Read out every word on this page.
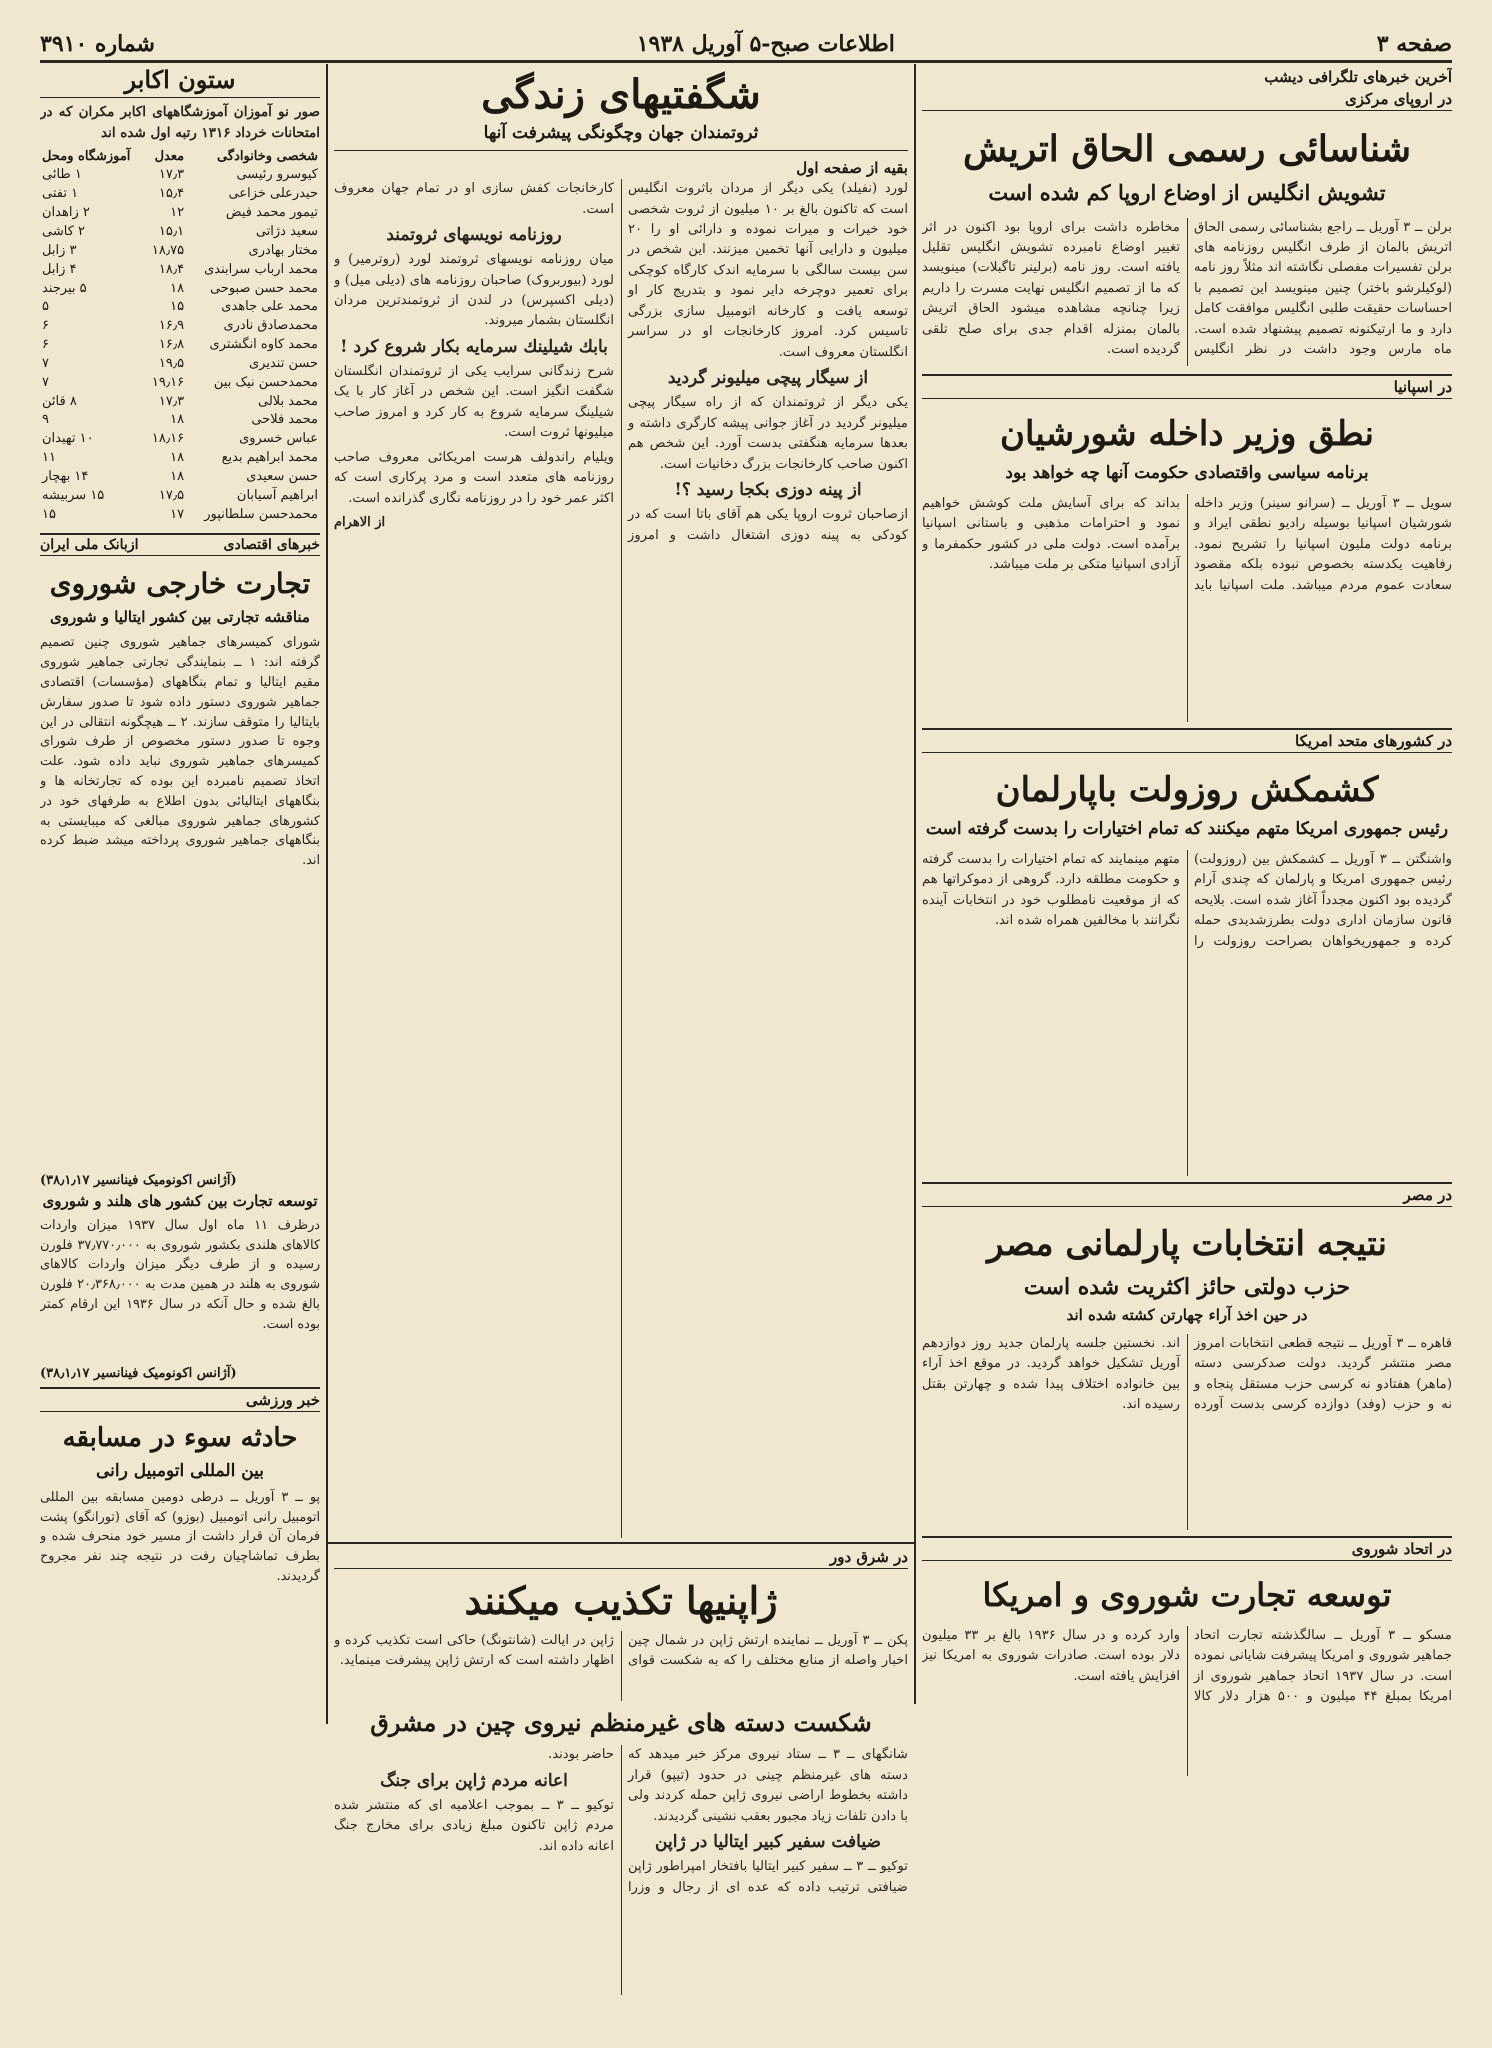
صفحه ۳
اطلاعات صبح-۵ آوریل ۱۹۳۸
شماره ۳۹۱۰
آخرین خبرهای تلگرافی دیشب
در اروپای مرکزی
شناسائی رسمی الحاق اتریش
تشویش انگلیس از اوضاع اروپا کم شده است
برلن ــ ۳ آوریل ــ راجع بشناسائی رسمی الحاق اتریش بالمان از طرف انگلیس روزنامه های برلن تفسیرات مفصلی نگاشته اند مثلاً روز نامه (لوکیلرشو باختر) چنین مینویسد این تصمیم با احساسات حقیقت طلبی انگلیس موافقت کامل دارد و ما ارتیکنونه تصمیم پیشنهاد شده است. ماه مارس وجود داشت در نظر انگلیس مخاطره داشت برای اروپا بود اکنون در اثر تغییر اوضاع نامبرده تشویش انگلیس تقلیل یافته است. روز نامه (برلینر تاگبلات) مینویسد که ما از تصمیم انگلیس نهایت مسرت را داریم زیرا چنانچه مشاهده میشود الحاق اتریش بالمان بمنزله اقدام جدی برای صلح تلقی گردیده است.
در اسپانیا
نطق وزیر داخله شورشیان
برنامه سیاسی واقتصادی حکومت آنها چه خواهد بود
سویل ــ ۳ آوریل ــ (سرانو سینر) وزیر داخله شورشیان اسپانیا بوسیله رادیو نطقی ایراد و برنامه دولت ملیون اسپانیا را تشریح نمود. رفاهیت یکدسته بخصوص نبوده بلکه مقصود سعادت عموم مردم میباشد. ملت اسپانیا باید بداند که برای آسایش ملت کوشش خواهیم نمود و احترامات مذهبی و باستانی اسپانیا برآمده است. دولت ملی در کشور حکمفرما و آزادی اسپانیا متکی بر ملت میباشد.
در کشورهای متحد امریکا
کشمکش روزولت باپارلمان
رئیس جمهوری امریکا متهم میکنند که تمام اختیارات را بدست گرفته است
واشنگتن ــ ۳ آوریل ــ کشمکش بین (روزولت) رئیس جمهوری امریکا و پارلمان که چندی آرام گردیده بود اکنون مجدداً آغاز شده است. بلایحه قانون سازمان اداری دولت بطرزشدیدی حمله کرده و جمهوریخواهان بصراحت روزولت را متهم مینمایند که تمام اختیارات را بدست گرفته و حکومت مطلقه دارد. گروهی از دموکراتها هم که از موقعیت نامطلوب خود در انتخابات آینده نگرانند با مخالفین همراه شده اند.
در مصر
نتیجه انتخابات پارلمانی مصر
حزب دولتی حائز اکثریت شده است
در حین اخذ آراء چهارتن کشته شده اند
قاهره ــ ۳ آوریل ــ نتیجه قطعی انتخابات امروز مصر منتشر گردید. دولت صدکرسی دسته (ماهر) هفتادو نه کرسی حزب مستقل پنجاه و نه و حزب (وفد) دوازده کرسی بدست آورده اند. نخستین جلسه پارلمان جدید روز دوازدهم آوریل تشکیل خواهد گردید. در موقع اخذ آراء بین خانواده اختلاف پیدا شده و چهارتن بقتل رسیده اند.
در اتحاد شوروی
توسعه تجارت شوروی و امریکا
مسکو ــ ۳ آوریل ــ سالگذشته تجارت اتحاد جماهیر شوروی و امریکا پیشرفت شایانی نموده است. در سال ۱۹۳۷ اتحاد جماهیر شوروی از امریکا بمبلغ ۴۴ میلیون و ۵۰۰ هزار دلار کالا وارد کرده و در سال ۱۹۳۶ بالغ بر ۳۳ میلیون دلار بوده است. صادرات شوروی به امریکا نیز افزایش یافته است.
شگفتیهای زندگی
ثروتمندان جهان وچگونگی پیشرفت آنها
بقیه از صفحه اول

لورد (نفیلد) یکی دیگر از مردان باثروت انگلیس است که تاکنون بالغ بر ۱۰ میلیون از ثروت شخصی خود خیرات و میرات نموده و دارائی او را ۲۰ میلیون و دارایی آنها تخمین میزنند. این شخص در سن بیست سالگی با سرمایه اندک کارگاه کوچکی برای تعمیر دوچرخه دایر نمود و بتدریج کار او توسعه یافت و کارخانه اتومبیل سازی بزرگی تاسیس کرد. امروز کارخانجات او در سراسر انگلستان معروف است.

از سیگار پیچی میلیونر گردید

یکی دیگر از ثروتمندان که از راه سیگار پیچی میلیونر گردید در آغاز جوانی پیشه کارگری داشته و بعدها سرمایه هنگفتی بدست آورد. این شخص هم اکنون صاحب کارخانجات بزرگ دخانیات است.

از پینه دوزی بکجا رسید ؟!

ازصاحبان ثروت اروپا یکی هم آقای باتا است که در کودکی به پینه دوزی اشتغال داشت و امروز کارخانجات کفش سازی او در تمام جهان معروف است.

روزنامه نویسهای ثروتمند

میان روزنامه نویسهای ثروتمند لورد (روترمیر) و لورد (بیوربروک) صاحبان روزنامه های (دیلی میل) و (دیلی اکسپرس) در لندن از ثروتمندترین مردان انگلستان بشمار میروند.

بابك شیلینك سرمایه بكار شروع كرد !

شرح زندگانی سرایب یکی از ثروتمندان انگلستان شگفت انگیز است. این شخص در آغاز کار با یک شیلینگ سرمایه شروع به کار کرد و امروز صاحب میلیونها ثروت است.

ویلیام راندولف هرست امریکائی معروف صاحب روزنامه های متعدد است و مرد پرکاری است که اکثر عمر خود را در روزنامه نگاری گذرانده است.

از الاهرام

در شرق دور
ژاپنیها تکذیب میکنند
پکن ــ ۳ آوریل ــ نماینده ارتش ژاپن در شمال چین اخبار واصله از منابع مختلف را که به شکست قوای ژاپن در ایالت (شانتونگ) حاکی است تکذیب کرده و اظهار داشته است که ارتش ژاپن پیشرفت مینماید.
شکست دسته های غیرمنظم نیروی چین در مشرق

شانگهای ــ ۳ ــ ستاد نیروی مرکز خبر میدهد که دسته های غیرمنظم چینی در حدود (تیپو) قرار داشته بخطوط اراضی نیروی ژاپن حمله کردند ولی با دادن تلفات زیاد مجبور بعقب نشینی گردیدند.

ضیافت سفیر کبیر ایتالیا در ژاپن

توکیو ــ ۳ ــ سفیر کبیر ایتالیا بافتخار امپراطور ژاپن ضیافتی ترتیب داده که عده ای از رجال و وزرا حاضر بودند.

اعانه مردم ژاپن برای جنگ

توکیو ــ ۳ ــ بموجب اعلامیه ای که منتشر شده مردم ژاپن تاکنون مبلغ زیادی برای مخارج جنگ اعانه داده اند.

ستون اکابر
صور نو آموزان آموزشگاههای اکابر مکران که در امتحانات خرداد ۱۳۱۶ رتبه اول شده اند
شخصی وخانوادگی	معدل	آموزشگاه ومحل
کیوسرو رئیسی	۱۷٫۳	۱ طائی
حیدرعلی خزاعی	۱۵٫۴	۱ تفتی
تیمور محمد فیض	۱۲	۲ زاهدان
سعید دژاتی	۱۵٫۱	۲ کاشی
مختار بهادری	۱۸٫۷۵	۳ زابل
محمد ارباب سرابندی	۱۸٫۴	۴ زابل
محمد حسن صبوحی	۱۸	۵ بیرجند
محمد علی جاهدی	۱۵	۵
محمدصادق نادری	۱۶٫۹	۶
محمد کاوه انگشتری	۱۶٫۸	۶
حسن تندیری	۱۹٫۵	۷
محمدحسن نیک بین	۱۹٫۱۶	۷
محمد بلالی	۱۷٫۳	۸ قائن
محمد فلاحی	۱۸	۹
عباس خسروی	۱۸٫۱۶	۱۰ تهیدان
محمد ابراهیم بدیع	۱۸	۱۱
حسن سعیدی	۱۸	۱۴ بهچار
ابراهیم آسیابان	۱۷٫۵	۱۵ سربیشه
محمدحسن سلطانپور	۱۷	۱۵
خبرهای اقتصادی
ازبانک ملی ایران
تجارت خارجی شوروی
مناقشه تجارتی بین کشور ایتالیا و شوروی
شورای کمیسرهای جماهیر شوروی چنین تصمیم گرفته اند: ۱ ــ بنمایندگی تجارتی جماهیر شوروی مقیم ایتالیا و تمام بنگاههای (مؤسسات) اقتصادی جماهیر شوروی دستور داده شود تا صدور سفارش بایتالیا را متوقف سازند. ۲ ــ هیچگونه انتقالی در این وجوه تا صدور دستور مخصوص از طرف شورای کمیسرهای جماهیر شوروی نباید داده شود. علت اتخاذ تصمیم نامبرده این بوده که تجارتخانه ها و بنگاههای ایتالیائی بدون اطلاع به طرفهای خود در کشورهای جماهیر شوروی مبالغی که میبایستی به بنگاههای جماهیر شوروی پرداخته میشد ضبط کرده اند.
(آژانس اکونومیک فینانسیر ۳۸٫۱٫۱۷)
توسعه تجارت بین کشور های هلند و شوروی
درظرف ۱۱ ماه اول سال ۱۹۳۷ میزان واردات کالاهای هلندی بکشور شوروی به ۳۷٫۷۷۰٫۰۰۰ فلورن رسیده و از طرف دیگر میزان واردات کالاهای شوروی به هلند در همین مدت به ۲۰٫۳۶۸٫۰۰۰ فلورن بالغ شده و حال آنکه در سال ۱۹۳۶ این ارقام کمتر بوده است.
(آژانس اکونومیک فینانسیر ۳۸٫۱٫۱۷)
خبر ورزشی
حادثه سوء در مسابقه
بین المللی اتومبیل رانی
پو ــ ۳ آوریل ــ درطی دومین مسابقه بین المللی اتومبیل رانی اتومبیل (بوزو) که آقای (تورانگو) پشت فرمان آن قرار داشت از مسیر خود منحرف شده و بطرف تماشاچیان رفت در نتیجه چند نفر مجروح گردیدند.
